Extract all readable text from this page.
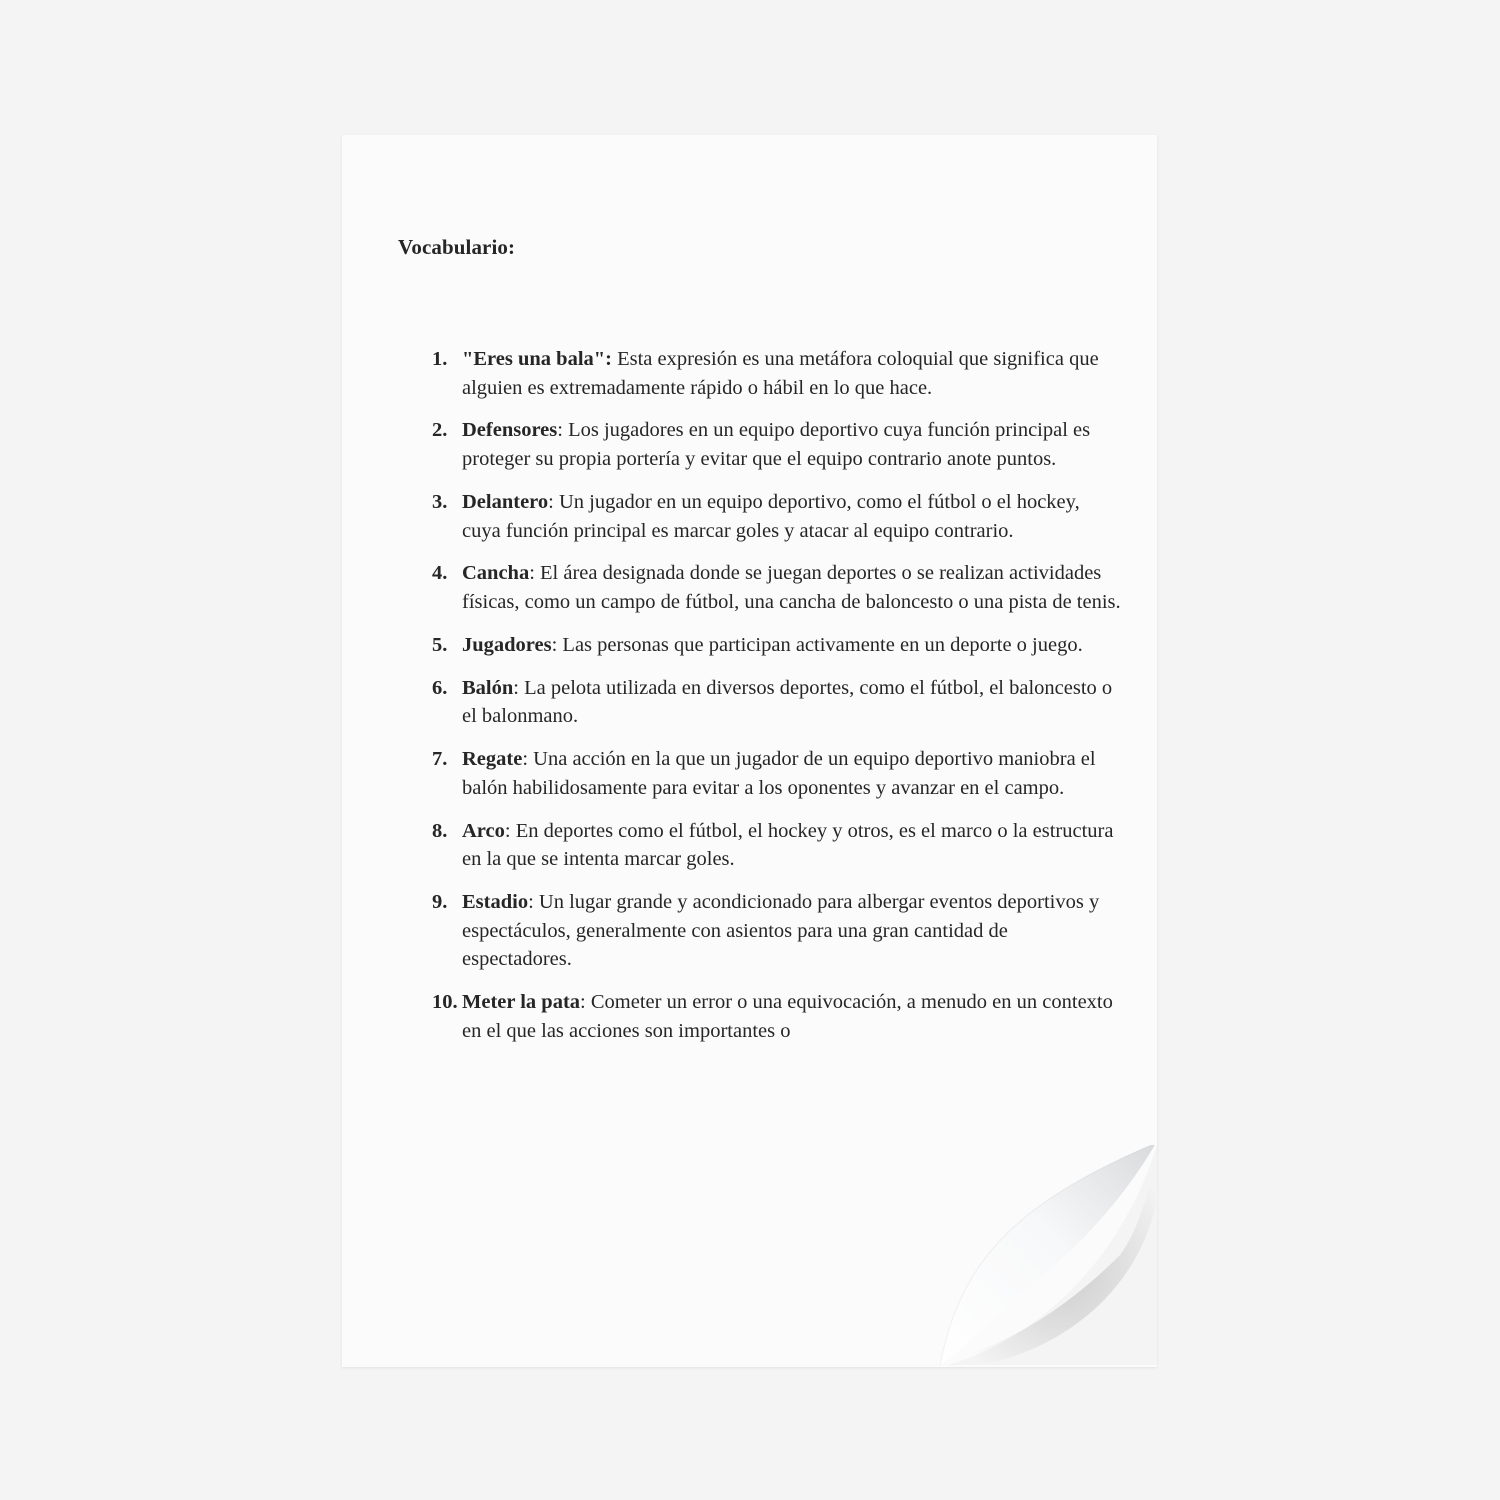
Vocabulario:
1. "Eres una bala": Esta expresión es una metáfora coloquial que significa que alguien es extremadamente rápido o hábil en lo que hace.
2. Defensores: Los jugadores en un equipo deportivo cuya función principal es proteger su propia portería y evitar que el equipo contrario anote puntos.
3. Delantero: Un jugador en un equipo deportivo, como el fútbol o el hockey, cuya función principal es marcar goles y atacar al equipo contrario.
4. Cancha: El área designada donde se juegan deportes o se realizan actividades físicas, como un campo de fútbol, una cancha de baloncesto o una pista de tenis.
5. Jugadores: Las personas que participan activamente en un deporte o juego.
6. Balón: La pelota utilizada en diversos deportes, como el fútbol, el baloncesto o el balonmano.
7. Regate: Una acción en la que un jugador de un equipo deportivo maniobra el balón habilidosamente para evitar a los oponentes y avanzar en el campo.
8. Arco: En deportes como el fútbol, el hockey y otros, es el marco o la estructura en la que se intenta marcar goles.
9. Estadio: Un lugar grande y acondicionado para albergar eventos deportivos y espectáculos, generalmente con asientos para una gran cantidad de espectadores.
10. Meter la pata: Cometer un error o una equivocación, a menudo en un contexto en el que las acciones son importantes o
